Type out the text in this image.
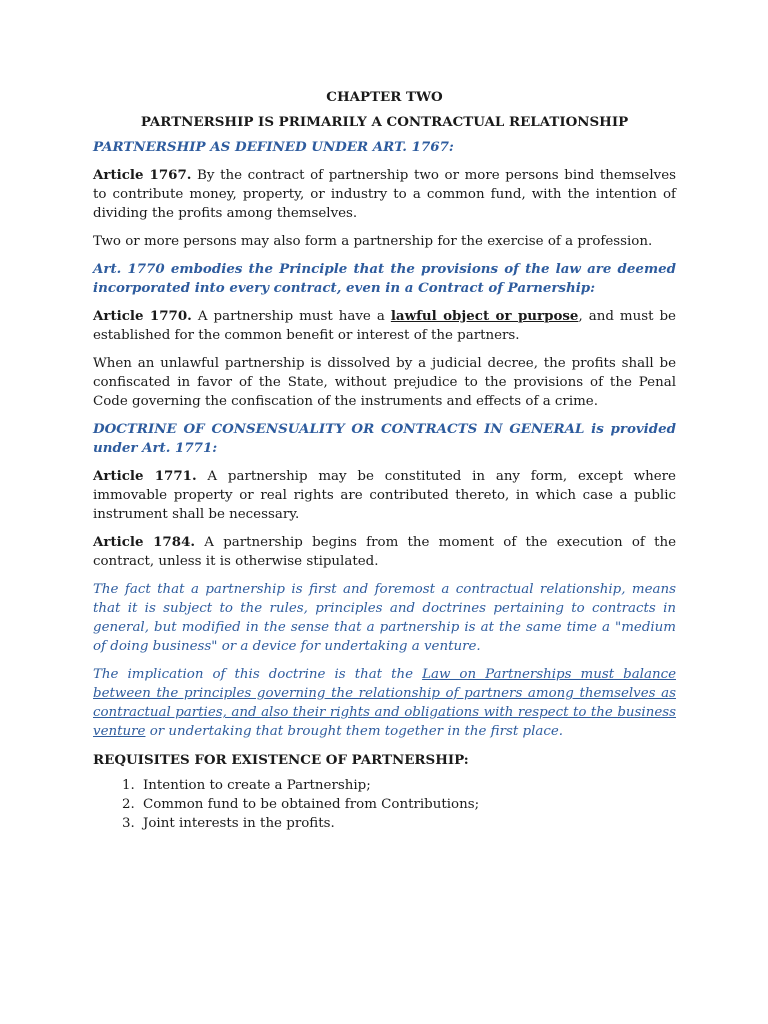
CHAPTER TWO
PARTNERSHIP IS PRIMARILY A CONTRACTUAL RELATIONSHIP

PARTNERSHIP AS DEFINED UNDER ART. 1767:

Article 1767. By the contract of partnership two or more persons bind themselves to contribute money, property, or industry to a common fund, with the intention of dividing the profits among themselves.

Two or more persons may also form a partnership for the exercise of a profession.

Art. 1770 embodies the Principle that the provisions of the law are deemed incorporated into every contract, even in a Contract of Parnership:

Article 1770. A partnership must have a lawful object or purpose, and must be established for the common benefit or interest of the partners.

When an unlawful partnership is dissolved by a judicial decree, the profits shall be confiscated in favor of the State, without prejudice to the provisions of the Penal Code governing the confiscation of the instruments and effects of a crime.

DOCTRINE OF CONSENSUALITY OR CONTRACTS IN GENERAL is provided under Art. 1771:

Article 1771. A partnership may be constituted in any form, except where immovable property or real rights are contributed thereto, in which case a public instrument shall be necessary.

Article 1784. A partnership begins from the moment of the execution of the contract, unless it is otherwise stipulated.

The fact that a partnership is first and foremost a contractual relationship, means that it is subject to the rules, principles and doctrines pertaining to contracts in general, but modified in the sense that a partnership is at the same time a "medium of doing business" or a device for undertaking a venture.

The implication of this doctrine is that the Law on Partnerships must balance between the principles governing the relationship of partners among themselves as contractual parties, and also their rights and obligations with respect to the business venture or undertaking that brought them together in the first place.

REQUISITES FOR EXISTENCE OF PARTNERSHIP:
1. Intention to create a Partnership;
2. Common fund to be obtained from Contributions;
3. Joint interests in the profits.
